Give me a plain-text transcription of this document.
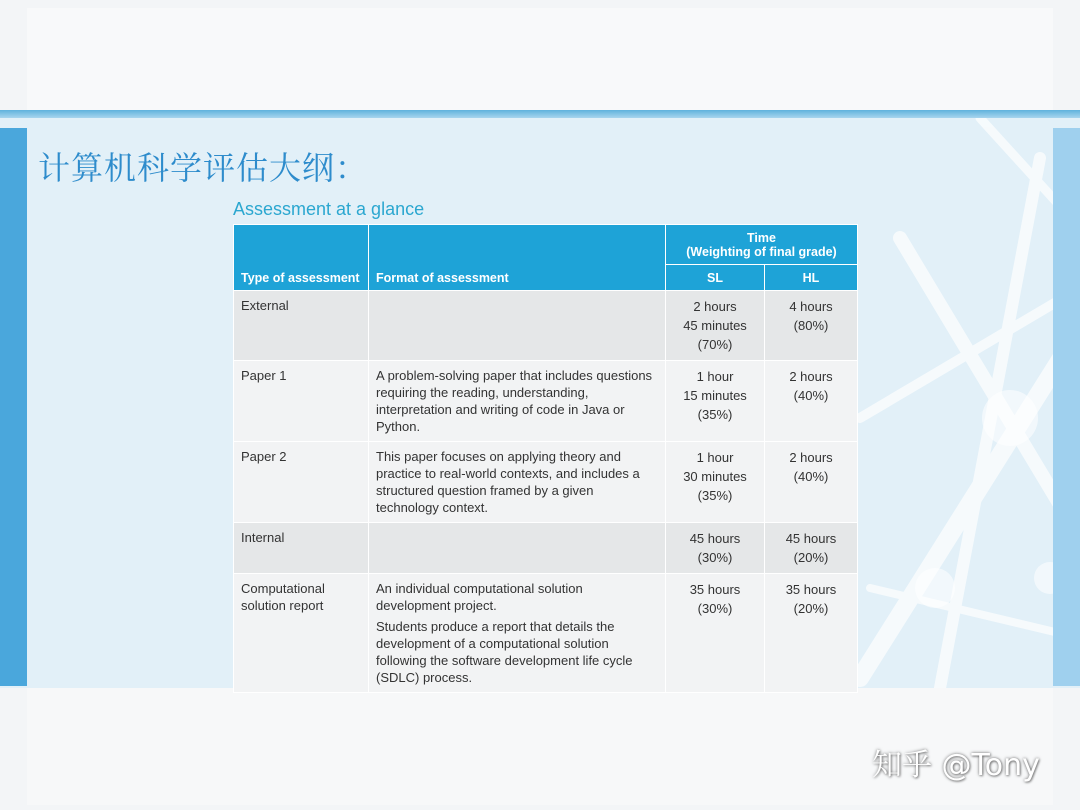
计算机科学评估大纲：
Assessment at a glance
Type of assessment	Format of assessment	Time
(Weighting of final grade)	

		SL	HL

External		2 hours
45 minutes
(70%)	4 hours
(80%)

Paper 1	A problem-solving paper that includes questions requiring the reading, understanding, interpretation and writing of code in Java or Python.	1 hour
15 minutes
(35%)	2 hours
(40%)

Paper 2	This paper focuses on applying theory and practice to real-world contexts, and includes a structured question framed by a given technology context.	1 hour
30 minutes
(35%)	2 hours
(40%)

Internal		45 hours
(30%)	45 hours
(20%)

Computational
solution report	An individual computational solution development project.
Students produce a report that details the development of a computational solution following the software development life cycle (SDLC) process.	35 hours
(30%)	35 hours
(20%)
知乎 @Tony
